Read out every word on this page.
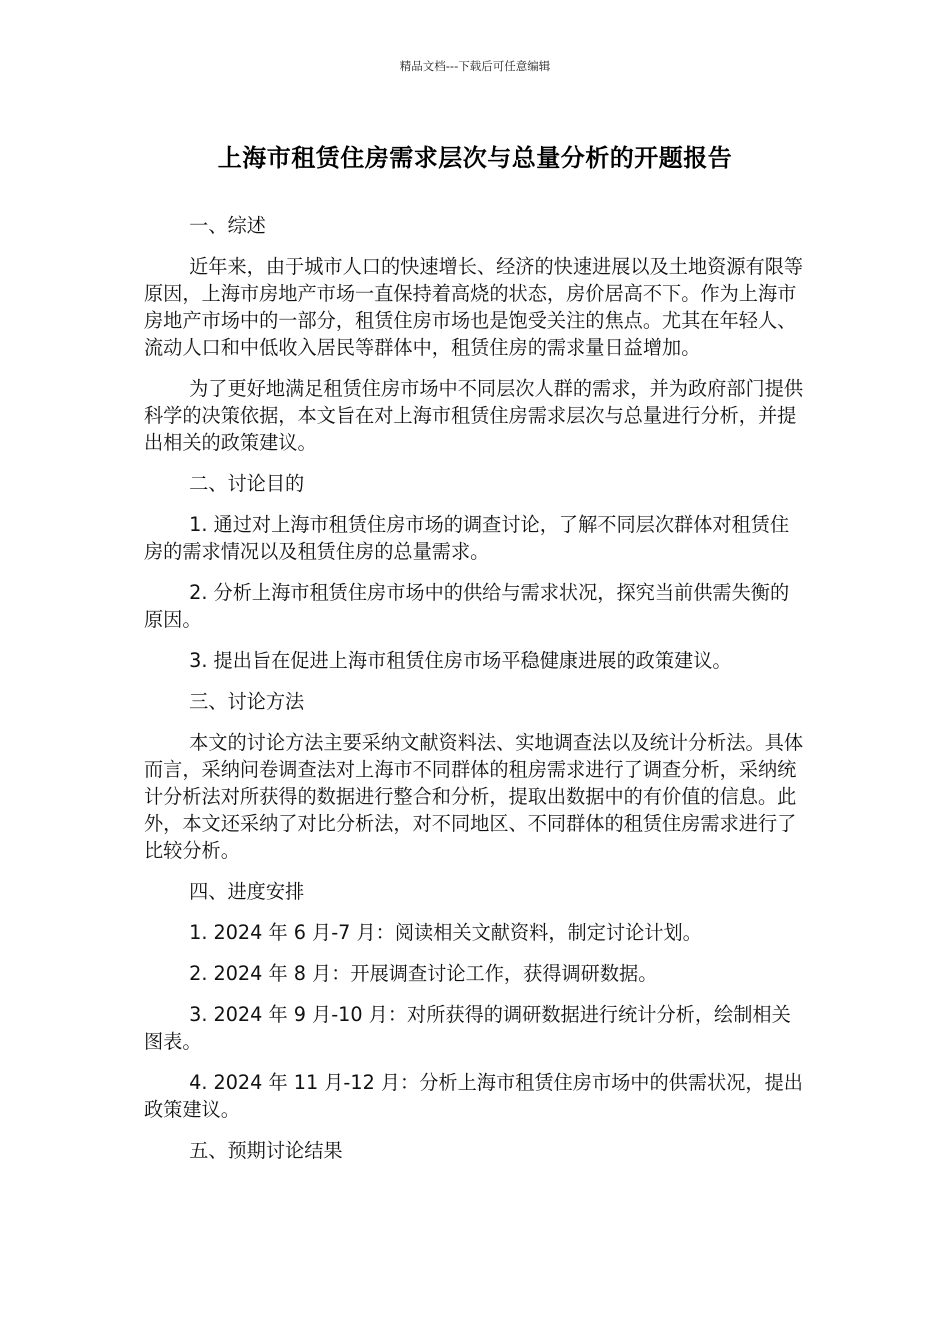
精品文档---下载后可任意编辑
上海市租赁住房需求层次与总量分析的开题报告

一、综述

近年来，由于城市人口的快速增长、经济的快速进展以及土地资源有限等原因，上海市房地产市场一直保持着高烧的状态，房价居高不下。作为上海市房地产市场中的一部分，租赁住房市场也是饱受关注的焦点。尤其在年轻人、流动人口和中低收入居民等群体中，租赁住房的需求量日益增加。

为了更好地满足租赁住房市场中不同层次人群的需求，并为政府部门提供科学的决策依据，本文旨在对上海市租赁住房需求层次与总量进行分析，并提出相关的政策建议。

二、讨论目的

1. 通过对上海市租赁住房市场的调查讨论，了解不同层次群体对租赁住房的需求情况以及租赁住房的总量需求。

2. 分析上海市租赁住房市场中的供给与需求状况，探究当前供需失衡的原因。

3. 提出旨在促进上海市租赁住房市场平稳健康进展的政策建议。

三、讨论方法

本文的讨论方法主要采纳文献资料法、实地调查法以及统计分析法。具体而言，采纳问卷调查法对上海市不同群体的租房需求进行了调查分析，采纳统计分析法对所获得的数据进行整合和分析，提取出数据中的有价值的信息。此外，本文还采纳了对比分析法，对不同地区、不同群体的租赁住房需求进行了比较分析。

四、进度安排

1. 2024 年 6 月-7 月：阅读相关文献资料，制定讨论计划。

2. 2024 年 8 月：开展调查讨论工作，获得调研数据。

3. 2024 年 9 月-10 月：对所获得的调研数据进行统计分析，绘制相关图表。

4. 2024 年 11 月-12 月：分析上海市租赁住房市场中的供需状况，提出政策建议。

五、预期讨论结果
